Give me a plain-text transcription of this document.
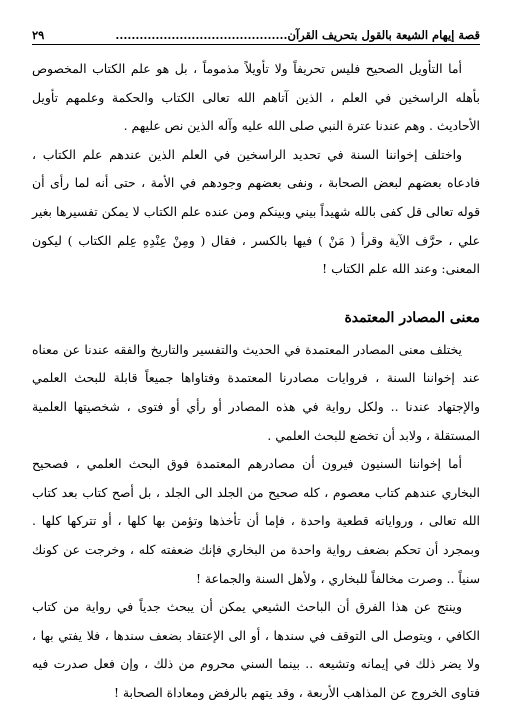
قصة إيهام الشيعة بالقول بتحريف القرآن...........................................
٢٩

أما التأويل الصحيح فليس تحريفاً ولا تأويلاً مذموماً ، بل هو علم الكتاب المخصوص بأهله الراسخين في العلم ، الذين آتاهم الله تعالى الكتاب والحكمة وعلمهم تأويل الأحاديث . وهم عندنا عترة النبي صلى الله عليه وآله الذين نص عليهم .

واختلف إخواننا السنة في تحديد الراسخين في العلم الذين عندهم علم الكتاب ، فادعاه بعضهم لبعض الصحابة ، ونفى بعضهم وجودهم في الأمة ، حتى أنه لما رأى أن قوله تعالى قل كفى بالله شهيداً بيني وبينكم ومن عنده علم الكتاب لا يمكن تفسيرها بغير علي ، حرَّف الآية وقرأ ( مَنْ ) فيها بالكسر ، فقال ( ومِنْ عِنْدِهِ عِلم الكتاب ) ليكون المعنى: وعند الله علم الكتاب !

معنى المصادر المعتمدة

يختلف معنى المصادر المعتمدة في الحديث والتفسير والتاريخ والفقه عندنا عن معناه عند إخواننا السنة ، فروايات مصادرنا المعتمدة وفتاواها جميعاً قابلة للبحث العلمي والإجتهاد عندنا .. ولكل رواية في هذه المصادر أو رأي أو فتوى ، شخصيتها العلمية المستقلة ، ولابد أن تخضع للبحث العلمي .

أما إخواننا السنيون فيرون أن مصادرهم المعتمدة فوق البحث العلمي ، فصحيح البخاري عندهم كتاب معصوم ، كله صحيح من الجلد الى الجلد ، بل أصح كتاب بعد كتاب الله تعالى ، ورواياته قطعية واحدة ، فإما أن تأخذها وتؤمن بها كلها ، أو تتركها كلها . وبمجرد أن تحكم بضعف رواية واحدة من البخاري فإنك ضعفته كله ، وخرجت عن كونك سنياً .. وصرت مخالفاً للبخاري ، ولأهل السنة والجماعة !

وينتج عن هذا الفرق أن الباحث الشيعي يمكن أن يبحث جدياً في رواية من كتاب الكافي ، ويتوصل الى التوقف في سندها ، أو الى الإعتقاد بضعف سندها ، فلا يفتي بها ، ولا يضر ذلك في إيمانه وتشيعه .. بينما السني محروم من ذلك ، وإن فعل صدرت فيه فتاوى الخروج عن المذاهب الأربعة ، وقد يتهم بالرفض ومعاداة الصحابة !
